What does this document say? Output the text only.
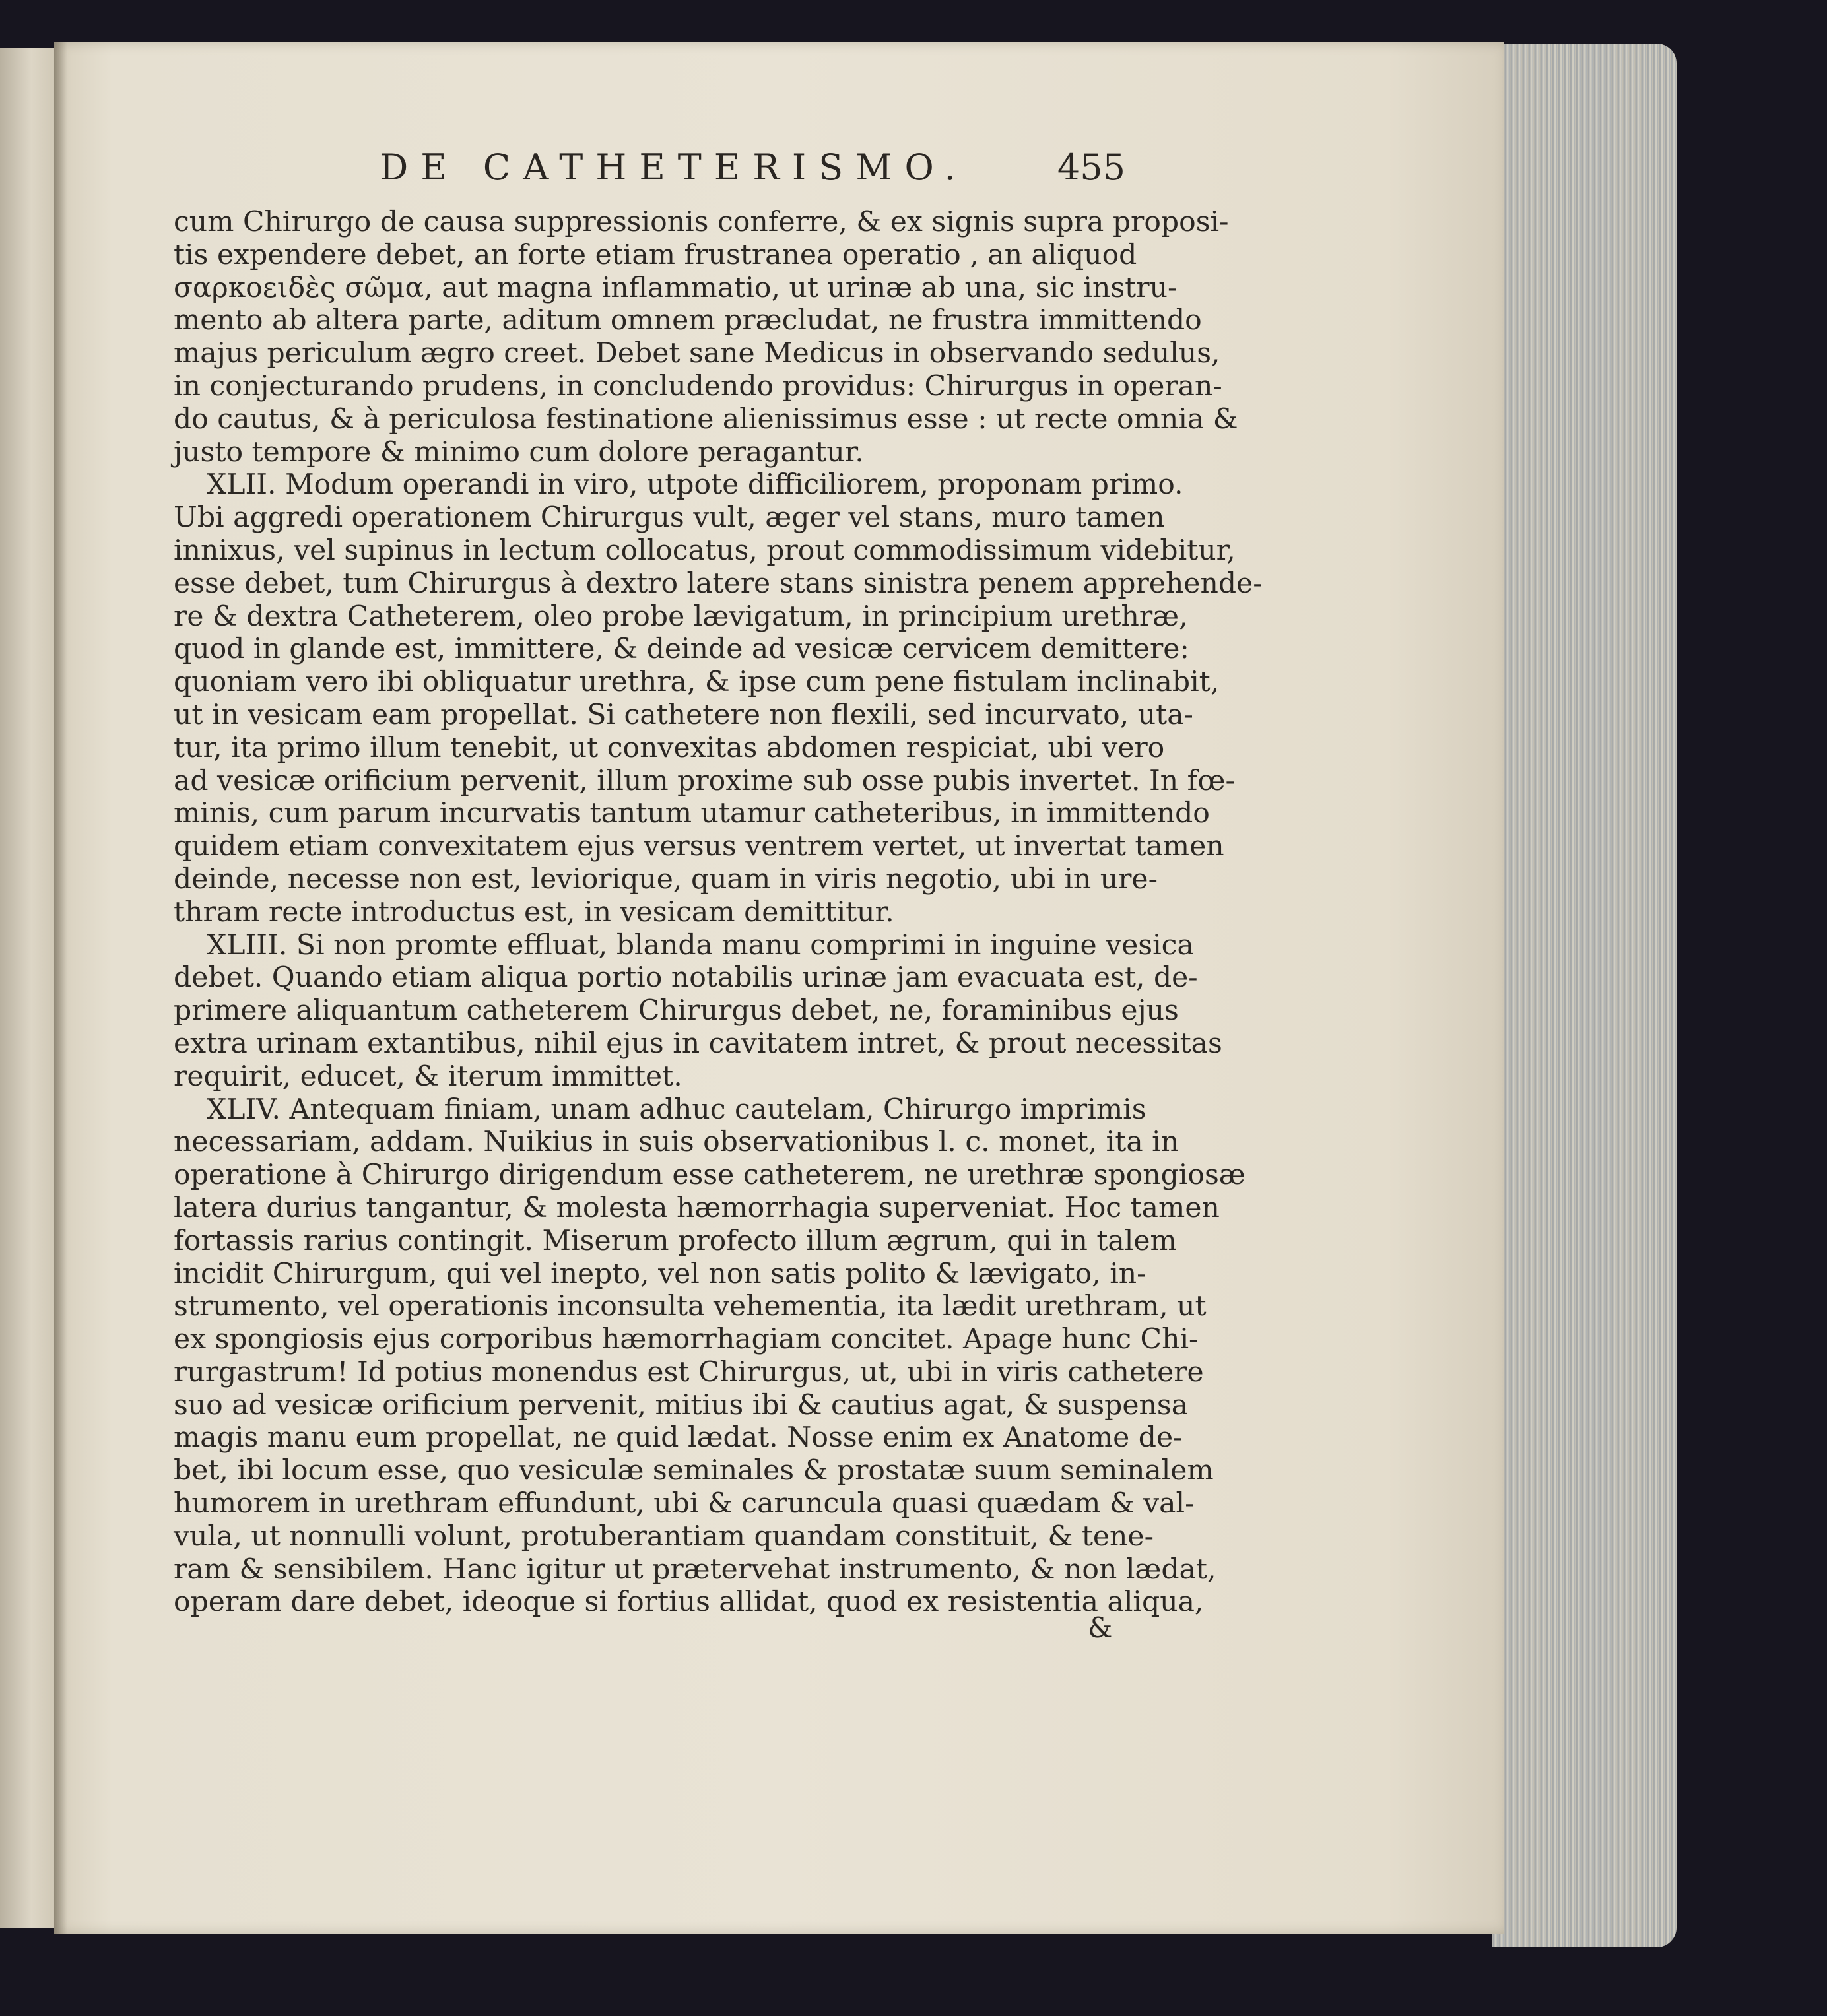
DE CATHETERISMO.	455
cum Chirurgo de causa suppressionis conferre, & ex signis supra proposi-
tis expendere debet, an forte etiam frustranea operatio , an aliquod
σαρκοειδὲς σῶμα, aut magna inflammatio, ut urinæ ab una, sic instru-
mento ab altera parte, aditum omnem præcludat, ne frustra immittendo
majus periculum ægro creet. Debet sane Medicus in observando sedulus,
in conjecturando prudens, in concludendo providus: Chirurgus in operan-
do cautus, & à periculosa festinatione alienissimus esse : ut recte omnia &
justo tempore & minimo cum dolore peragantur.
XLII. Modum operandi in viro, utpote difficiliorem, proponam primo.
Ubi aggredi operationem Chirurgus vult, æger vel stans, muro tamen
innixus, vel supinus in lectum collocatus, prout commodissimum videbitur,
esse debet, tum Chirurgus à dextro latere stans sinistra penem apprehende-
re & dextra Catheterem, oleo probe lævigatum, in principium urethræ,
quod in glande est, immittere, & deinde ad vesicæ cervicem demittere:
quoniam vero ibi obliquatur urethra, & ipse cum pene fistulam inclinabit,
ut in vesicam eam propellat. Si cathetere non flexili, sed incurvato, uta-
tur, ita primo illum tenebit, ut convexitas abdomen respiciat, ubi vero
ad vesicæ orificium pervenit, illum proxime sub osse pubis invertet. In fœ-
minis, cum parum incurvatis tantum utamur catheteribus, in immittendo
quidem etiam convexitatem ejus versus ventrem vertet, ut invertat tamen
deinde, necesse non est, leviorique, quam in viris negotio, ubi in ure-
thram recte introductus est, in vesicam demittitur.
XLIII. Si non promte effluat, blanda manu comprimi in inguine vesica
debet. Quando etiam aliqua portio notabilis urinæ jam evacuata est, de-
primere aliquantum catheterem Chirurgus debet, ne, foraminibus ejus
extra urinam extantibus, nihil ejus in cavitatem intret, & prout necessitas
requirit, educet, & iterum immittet.
XLIV. Antequam finiam, unam adhuc cautelam, Chirurgo imprimis
necessariam, addam. Nuikius in suis observationibus l. c. monet, ita in
operatione à Chirurgo dirigendum esse catheterem, ne urethræ spongiosæ
latera durius tangantur, & molesta hæmorrhagia superveniat. Hoc tamen
fortassis rarius contingit. Miserum profecto illum ægrum, qui in talem
incidit Chirurgum, qui vel inepto, vel non satis polito & lævigato, in-
strumento, vel operationis inconsulta vehementia, ita lædit urethram, ut
ex spongiosis ejus corporibus hæmorrhagiam concitet. Apage hunc Chi-
rurgastrum! Id potius monendus est Chirurgus, ut, ubi in viris cathetere
suo ad vesicæ orificium pervenit, mitius ibi & cautius agat, & suspensa
magis manu eum propellat, ne quid lædat. Nosse enim ex Anatome de-
bet, ibi locum esse, quo vesiculæ seminales & prostatæ suum seminalem
humorem in urethram effundunt, ubi & caruncula quasi quædam & val-
vula, ut nonnulli volunt, protuberantiam quandam constituit, & tene-
ram & sensibilem. Hanc igitur ut prætervehat instrumento, & non lædat,
operam dare debet, ideoque si fortius allidat, quod ex resistentia aliqua,
&
